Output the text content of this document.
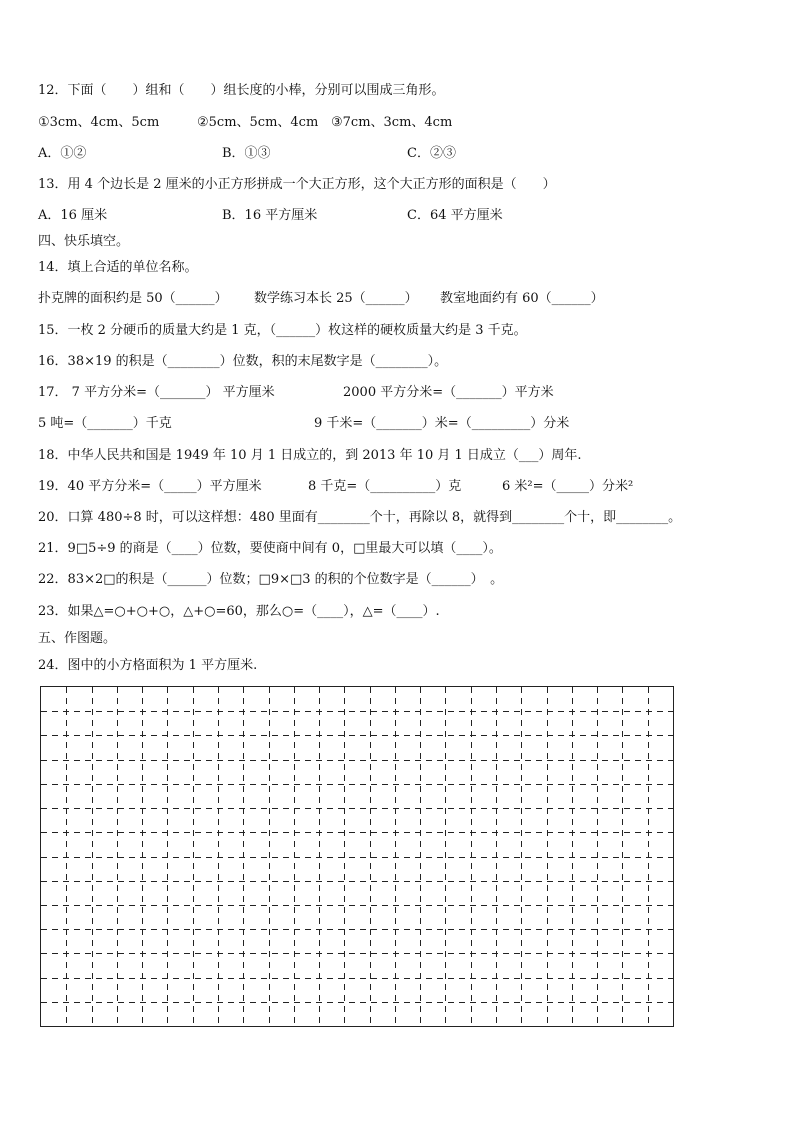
12．下面（　　）组和（　　）组长度的小棒，分别可以围成三角形。
①3cm、4cm、5cm	②5cm、5cm、4cm ③7cm、3cm、4cm
A．①②	B．①③	C．②③
13．用 4 个边长是 2 厘米的小正方形拼成一个大正方形，这个大正方形的面积是（　　）
A．16 厘米	B．16 平方厘米	C．64 平方厘米
四、快乐填空。
14．填上合适的单位名称。
扑克牌的面积约是 50（______） 数学练习本长 25（______） 教室地面约有 60（______）
15．一枚 2 分硬币的质量大约是 1 克，（______）枚这样的硬枚质量大约是 3 千克。
16．38×19 的积是（________）位数，积的末尾数字是（________）。
17． 7 平方分米=（_______） 平方厘米	2000 平方分米=（_______）平方米
5 吨=（_______）千克	9 千米=（_______）米=（_________）分米
18．中华人民共和国是 1949 年 10 月 1 日成立的，到 2013 年 10 月 1 日成立（___）周年.
19．40 平方分米=（_____）平方厘米	8 千克=（__________）克	6 米²=（_____）分米²
20．口算 480÷8 时，可以这样想：480 里面有________个十，再除以 8，就得到________个十，即________。
21．9□5÷9 的商是（____）位数，要使商中间有 0，□里最大可以填（____）。
22．83×2□的积是（______）位数；□9×□3 的积的个位数字是（______）　。
23．如果△=○+○+○，△+○=60，那么○=（____），△=（____）.
五、作图题。
24．图中的小方格面积为 1 平方厘米.
